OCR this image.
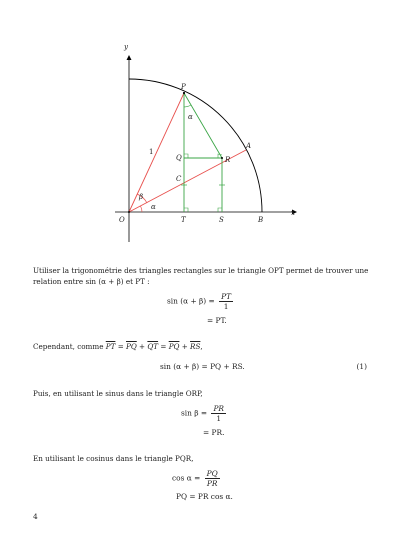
y
x
P
α
1
A
Q	R
C
β
α
O	T	S	B
Utiliser la trigonométrie des triangles rectangles sur le triangle OPT permet de trouver une relation entre sin (α + β) et PT :
$\sin (\alpha + \beta) = \frac{PT}{1}$
= PT.
Cependant, comme $\overline{PT} = \overline{PQ} + \overline{QT} = \overline{PQ} + \overline{RS}$,
sin (α + β) = PQ + RS.	(1)
Puis, en utilisant le sinus dans le triangle ORP,
$\sin \beta = \frac{PR}{1}$
= PR.
En utilisant le cosinus dans le triangle PQR,
$\cos \alpha = \frac{PQ}{PR}$
PQ = PR cos α.
4
